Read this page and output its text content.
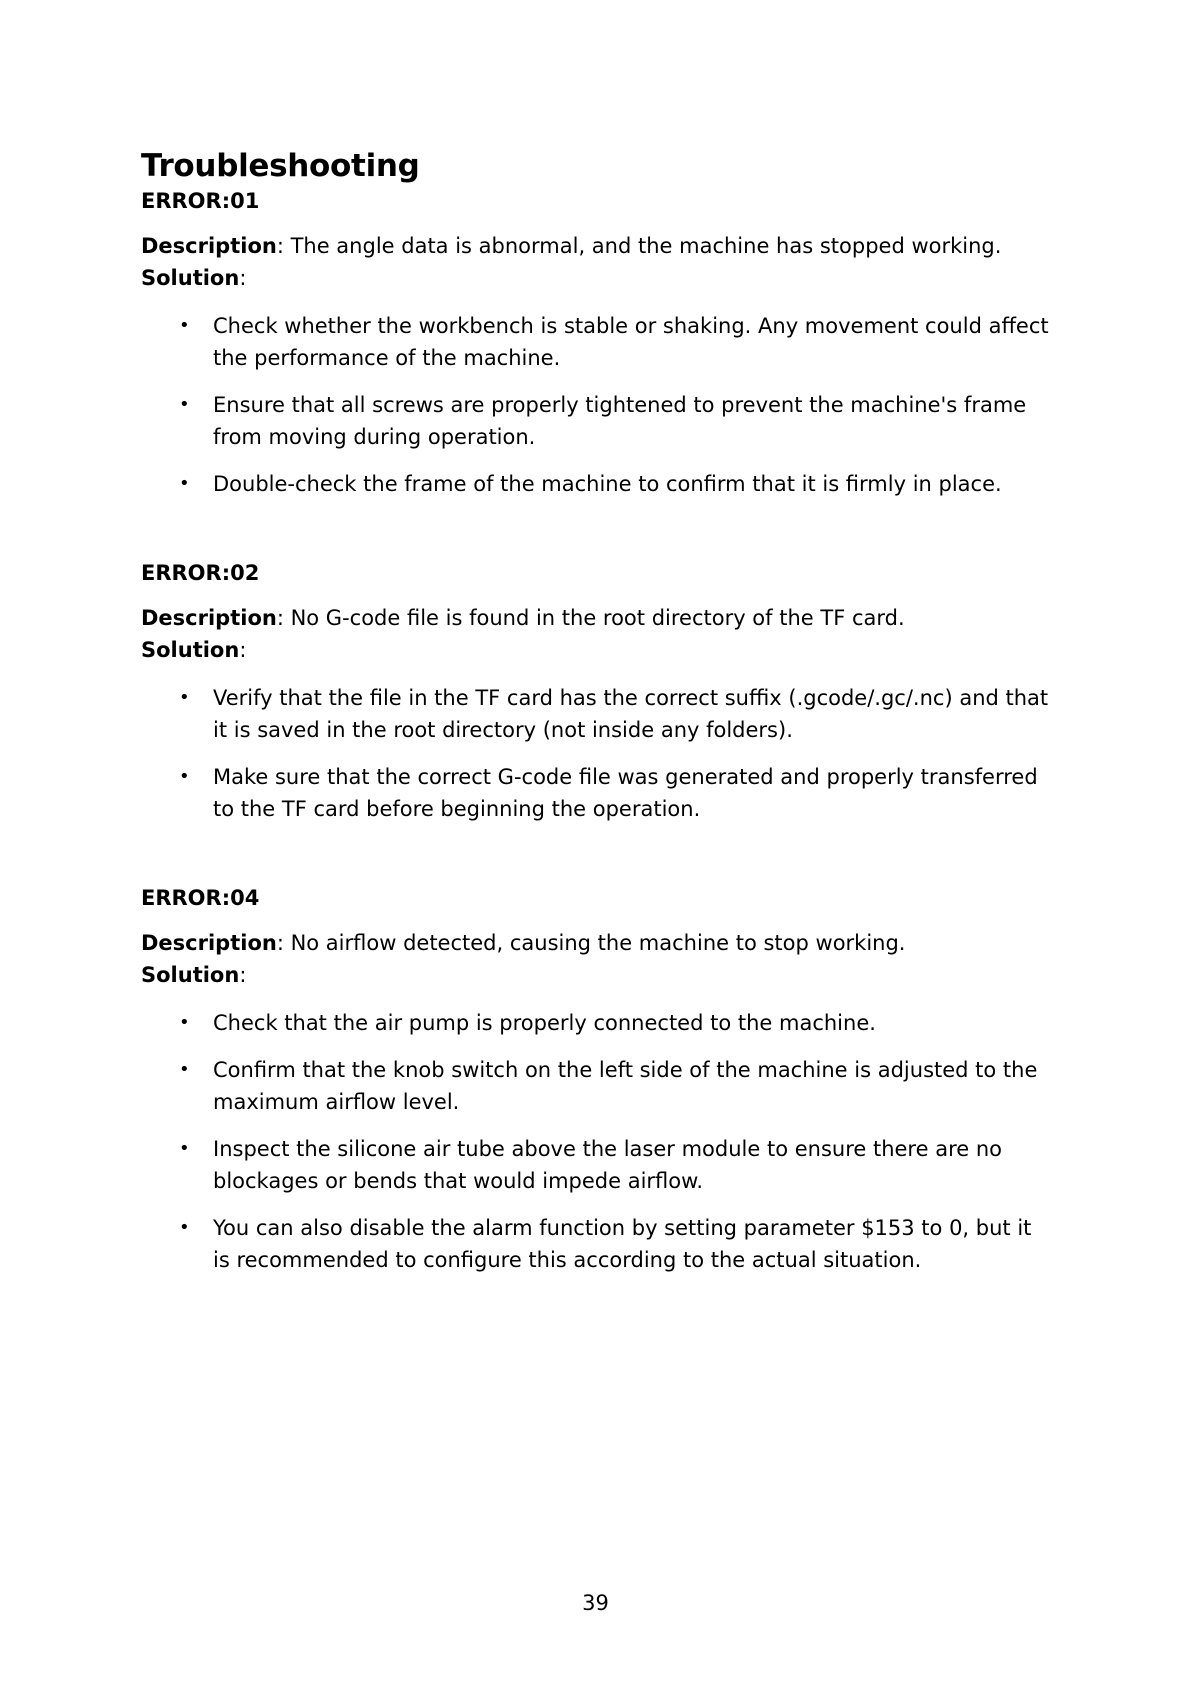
Troubleshooting

ERROR:01

Description: The angle data is abnormal, and the machine has stopped working.

Solution:

• Check whether the workbench is stable or shaking. Any movement could affect the performance of the machine.
• Ensure that all screws are properly tightened to prevent the machine's frame from moving during operation.
• Double-check the frame of the machine to confirm that it is firmly in place.

ERROR:02

Description: No G-code file is found in the root directory of the TF card.

Solution:

• Verify that the file in the TF card has the correct suffix (.gcode/.gc/.nc) and that it is saved in the root directory (not inside any folders).
• Make sure that the correct G-code file was generated and properly transferred to the TF card before beginning the operation.

ERROR:04

Description: No airflow detected, causing the machine to stop working.

Solution:

• Check that the air pump is properly connected to the machine.
• Confirm that the knob switch on the left side of the machine is adjusted to the maximum airflow level.
• Inspect the silicone air tube above the laser module to ensure there are no blockages or bends that would impede airflow.
• You can also disable the alarm function by setting parameter $153 to 0, but it is recommended to configure this according to the actual situation.
39
